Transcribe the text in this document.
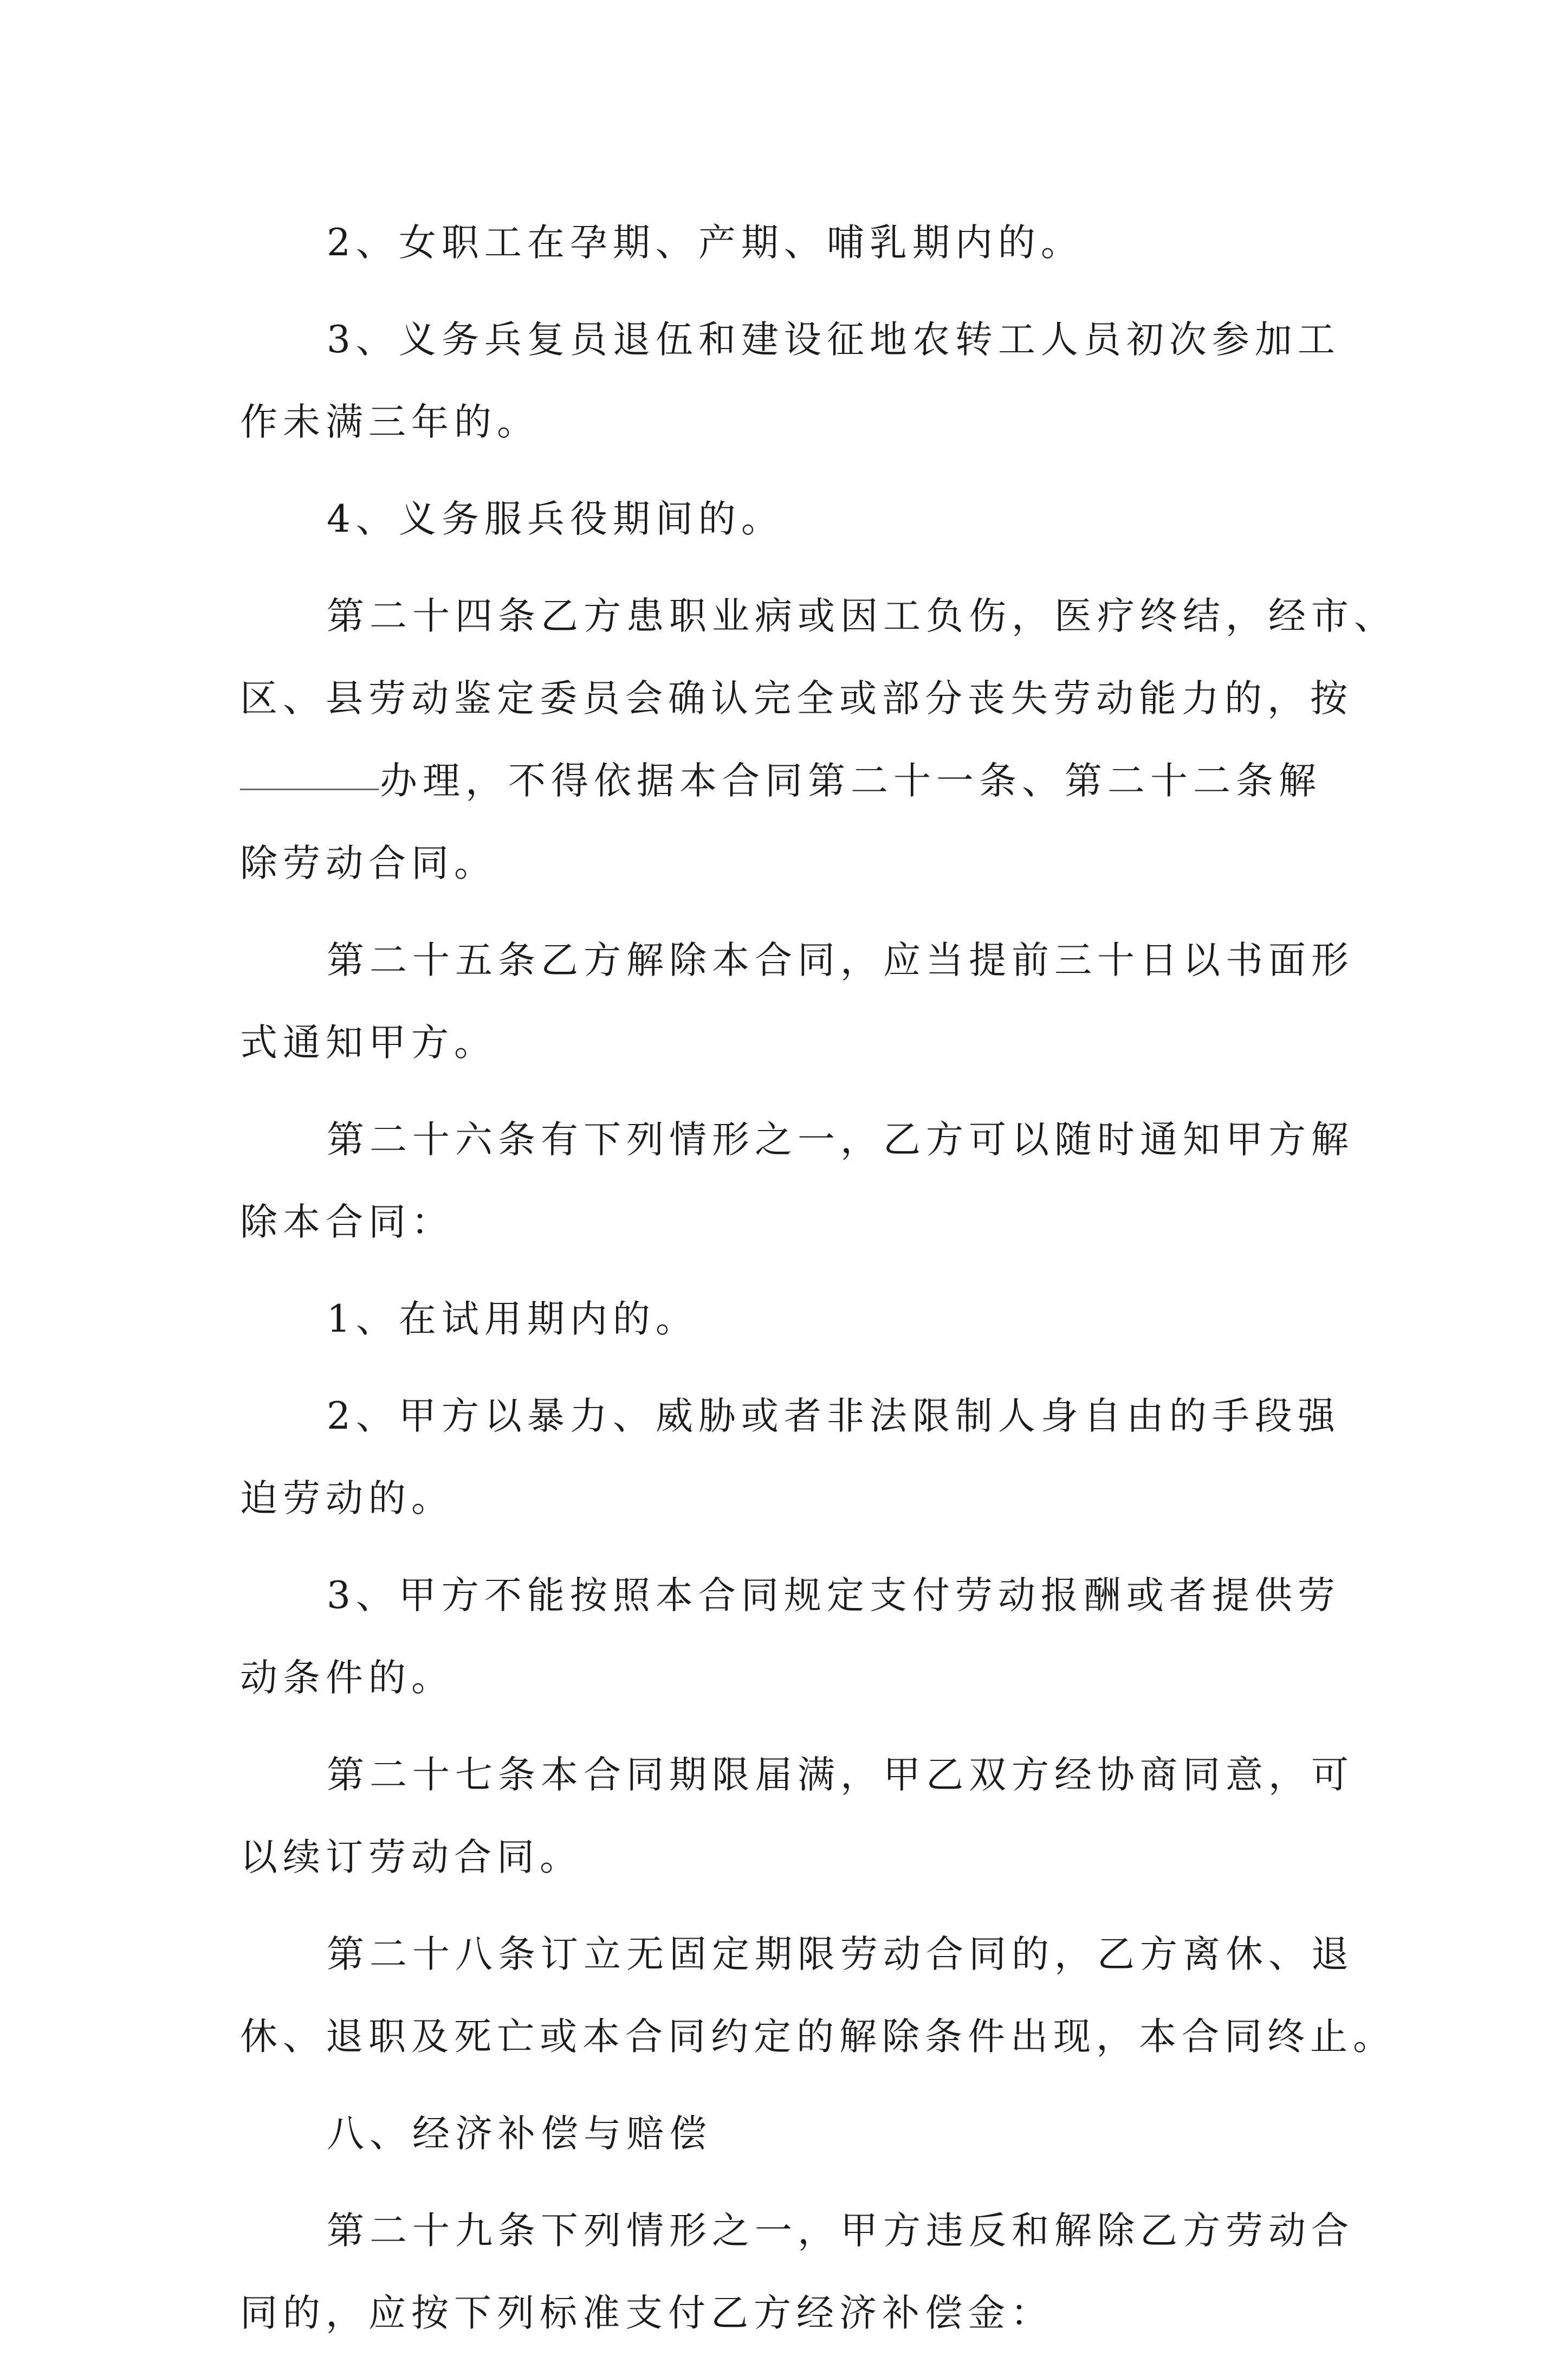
2、女职工在孕期、产期、哺乳期内的。

3、义务兵复员退伍和建设征地农转工人员初次参加工
作未满三年的。

4、义务服兵役期间的。

第二十四条乙方患职业病或因工负伤，医疗终结，经市、
区、县劳动鉴定委员会确认完全或部分丧失劳动能力的，按
办理，不得依据本合同第二十一条、第二十二条解
除劳动合同。

第二十五条乙方解除本合同，应当提前三十日以书面形
式通知甲方。

第二十六条有下列情形之一，乙方可以随时通知甲方解
除本合同：

1、在试用期内的。

2、甲方以暴力、威胁或者非法限制人身自由的手段强
迫劳动的。

3、甲方不能按照本合同规定支付劳动报酬或者提供劳
动条件的。

第二十七条本合同期限届满，甲乙双方经协商同意，可
以续订劳动合同。

第二十八条订立无固定期限劳动合同的，乙方离休、退
休、退职及死亡或本合同约定的解除条件出现，本合同终止。

八、经济补偿与赔偿

第二十九条下列情形之一，甲方违反和解除乙方劳动合
同的，应按下列标准支付乙方经济补偿金：
